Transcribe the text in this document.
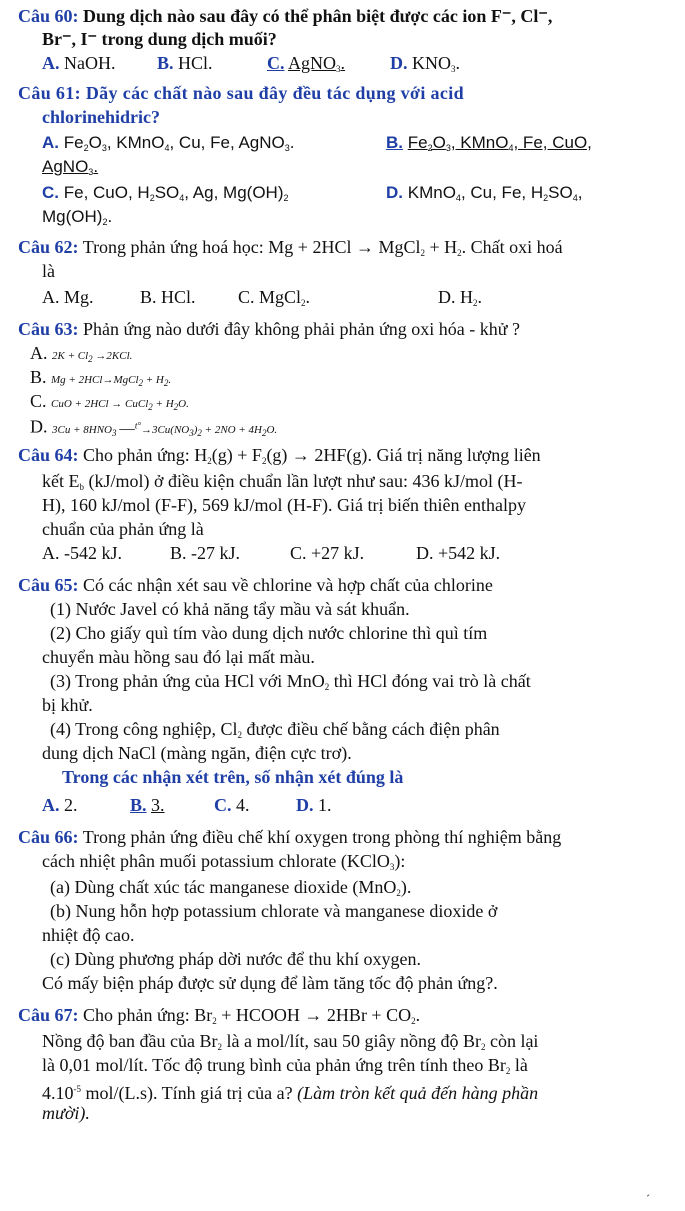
Câu 60: Dung dịch nào sau đây có thể phân biệt được các ion F⁻, Cl⁻,
Br⁻, I⁻ trong dung dịch muối?
A. NaOH. B. HCl.	C. AgNO$_3$. D. $KNO_3$.
Câu 61: Dãy các chất nào sau đây đều tác dụng với acid
chlorinehidric?
A. $Fe_2O_3$, KMnO$_4$, Cu, Fe, AgNO$_3$.	B. $Fe_2O_3$, KMnO$_4$, Fe, CuO,
AgNO$_3$.
C. Fe, CuO, $H_2SO_4$, Ag, $Mg(OH)_2$	D. KMnO$_4$, Cu, Fe, $H_2SO_4$,
$Mg(OH)_2$.
Câu 62: Trong phản ứng hoá học: Mg + 2HCl → MgCl$_2$ + $H_2$. Chất oxi hoá
là
A. Mg.	B. HCl. C. MgCl$_2$.	D. $H_2$.
Câu 63: Phản ứng nào dưới đây không phải phản ứng oxi hóa - khử ?
A. $2K + Cl_2 \to 2KCl$.
B. Mg + 2HCl→MgCl$_2$ + $H_2$.
C. CuO + 2HCl → CuCl$_2$ + $H_2O$.
D. $3Cu + 8HNO_3$ $──^{t^\circ}\to 3Cu(NO_3)_2 + 2NO + 4H_2O$.
Câu 64: Cho phản ứng: $H_2(g) + F_2(g) \to 2HF(g)$. Giá trị năng lượng liên
kết $E_b$ (kJ/mol) ở điều kiện chuẩn lần lượt như sau: 436 kJ/mol (H-
H), 160 kJ/mol (F-F), 569 kJ/mol (H-F). Giá trị biến thiên enthalpy
chuẩn của phản ứng là
A. -542 kJ.	B. -27 kJ.	C. +27 kJ.	D. +542 kJ.
Câu 65: Có các nhận xét sau về chlorine và hợp chất của chlorine
(1) Nước Javel có khả năng tẩy mầu và sát khuẩn.
(2) Cho giấy quì tím vào dung dịch nước chlorine thì quì tím
chuyển màu hồng sau đó lại mất màu.
(3) Trong phản ứng của HCl với MnO$_2$ thì HCl đóng vai trò là chất
bị khử.
(4) Trong công nghiệp, $Cl_2$ được điều chế bằng cách điện phân
dung dịch NaCl (màng ngăn, điện cực trơ).
Trong các nhận xét trên, số nhận xét đúng là
A. 2.	B. 3.	C. 4.	D. 1.
Câu 66: Trong phản ứng điều chế khí oxygen trong phòng thí nghiệm bằng
cách nhiệt phân muối potassium chlorate (KClO$_3$):
(a) Dùng chất xúc tác manganese dioxide (MnO$_2$).
(b) Nung hỗn hợp potassium chlorate và manganese dioxide ở
nhiệt độ cao.
(c) Dùng phương pháp dời nước để thu khí oxygen.
Có mấy biện pháp được sử dụng để làm tăng tốc độ phản ứng?.
Câu 67: Cho phản ứng: $Br_2$ + HCOOH → $2HBr + CO_2$.
Nồng độ ban đầu của $Br_2$ là a mol/lít, sau 50 giây nồng độ $Br_2$ còn lại
là 0,01 mol/lít. Tốc độ trung bình của phản ứng trên tính theo $Br_2$ là
$4.10^{-5}$ mol/(L.s). Tính giá trị của a? (Làm tròn kết quả đến hàng phần
mười).
´
